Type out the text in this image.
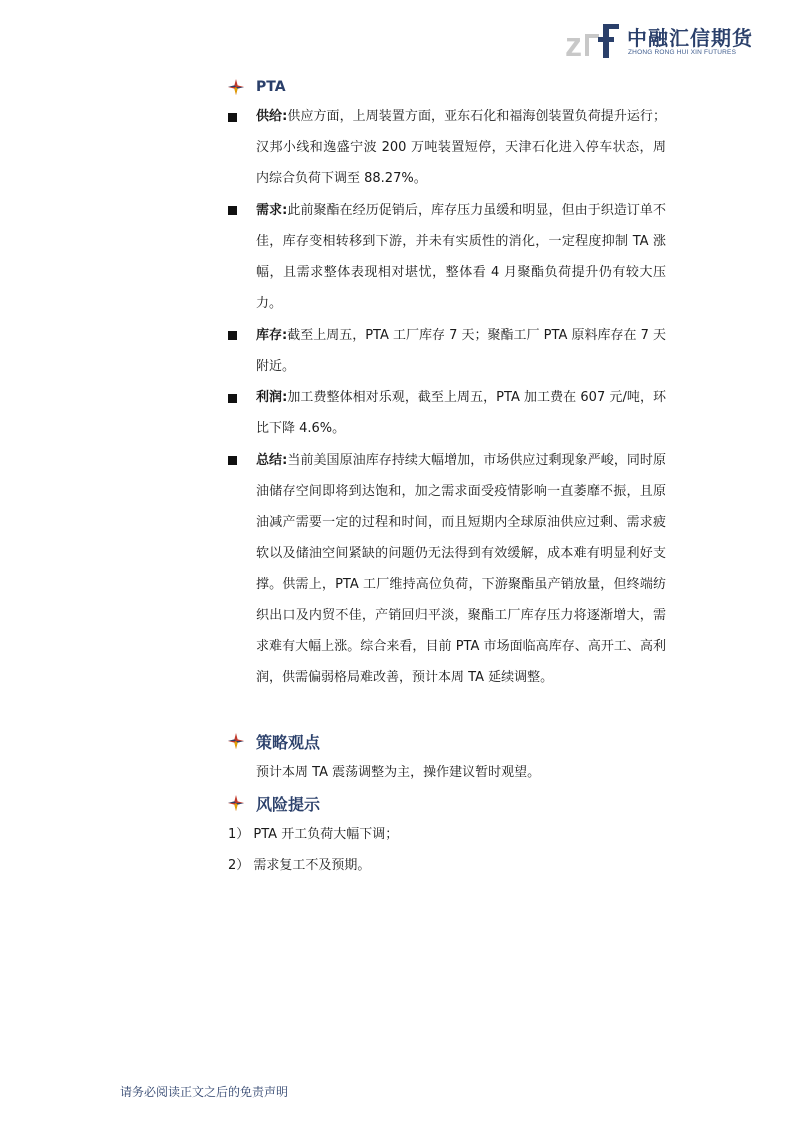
z 中融汇信期货
ZHONG RONG HUI XIN FUTURES
PTA
供给:供应方面，上周装置方面，亚东石化和福海创装置负荷提升运行；汉邦小线和逸盛宁波 200 万吨装置短停，天津石化进入停车状态，周内综合负荷下调至 88.27%。
需求:此前聚酯在经历促销后，库存压力虽缓和明显，但由于织造订单不佳，库存变相转移到下游，并未有实质性的消化，一定程度抑制 TA 涨幅，且需求整体表现相对堪忧，整体看 4 月聚酯负荷提升仍有较大压力。
库存:截至上周五，PTA 工厂库存 7 天；聚酯工厂 PTA 原料库存在 7 天附近。
利润:加工费整体相对乐观，截至上周五，PTA 加工费在 607 元/吨，环比下降 4.6%。
总结:当前美国原油库存持续大幅增加，市场供应过剩现象严峻，同时原油储存空间即将到达饱和，加之需求面受疫情影响一直萎靡不振，且原油减产需要一定的过程和时间，而且短期内全球原油供应过剩、需求疲软以及储油空间紧缺的问题仍无法得到有效缓解，成本难有明显利好支撑。供需上，PTA 工厂维持高位负荷，下游聚酯虽产销放量，但终端纺织出口及内贸不佳，产销回归平淡，聚酯工厂库存压力将逐渐增大，需求难有大幅上涨。综合来看，目前 PTA 市场面临高库存、高开工、高利润，供需偏弱格局难改善，预计本周 TA 延续调整。
策略观点
预计本周 TA 震荡调整为主，操作建议暂时观望。
风险提示
1） PTA 开工负荷大幅下调；
2） 需求复工不及预期。
请务必阅读正文之后的免责声明
